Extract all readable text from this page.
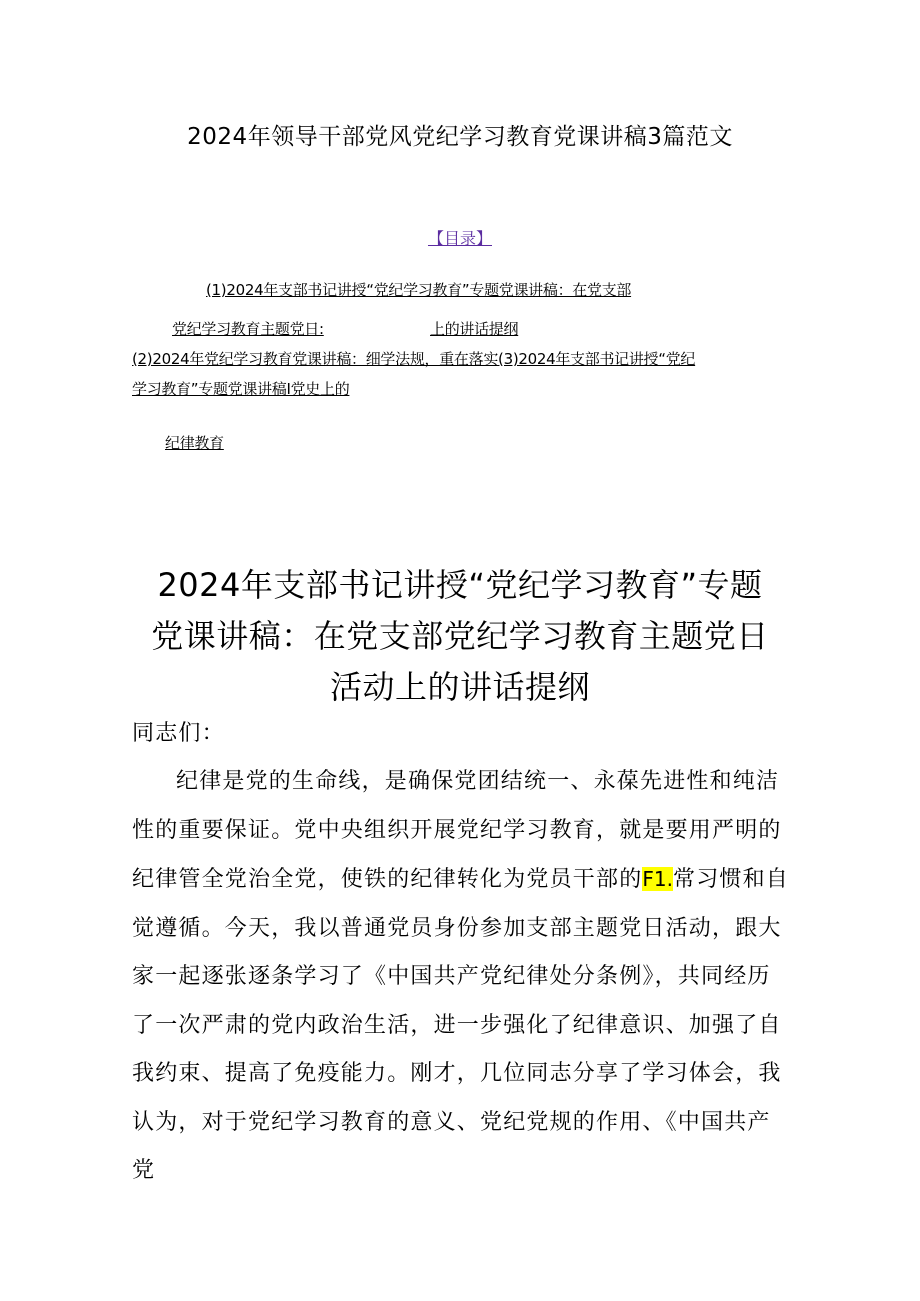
2024年领导干部党风党纪学习教育党课讲稿3篇范文
【目录】
(1)2024年支部书记讲授“党纪学习教育”专题党课讲稿：在党支部
党纪学习教育主题党日:	上的讲话提纲
(2)2024年党纪学习教育党课讲稿：细学法规，重在落实(3)2024年支部书记讲授“党纪
学习教育”专题党课讲稿I党史上的
纪律教育
2024年支部书记讲授“党纪学习教育”专题
党课讲稿：在党支部党纪学习教育主题党日
活动上的讲话提纲
同志们：

纪律是党的生命线，是确保党团结统一、永葆先进性和纯洁性的重要保证。党中央组织开展党纪学习教育，就是要用严明的纪律管全党治全党，使铁的纪律转化为党员干部的F1.常习惯和自觉遵循。今天，我以普通党员身份参加支部主题党日活动，跟大家一起逐张逐条学习了《中国共产党纪律处分条例》，共同经历了一次严肃的党内政治生活，进一步强化了纪律意识、加强了自我约束、提高了免疫能力。刚才，几位同志分享了学习体会，我认为，对于党纪学习教育的意义、党纪党规的作用、《中国共产党
